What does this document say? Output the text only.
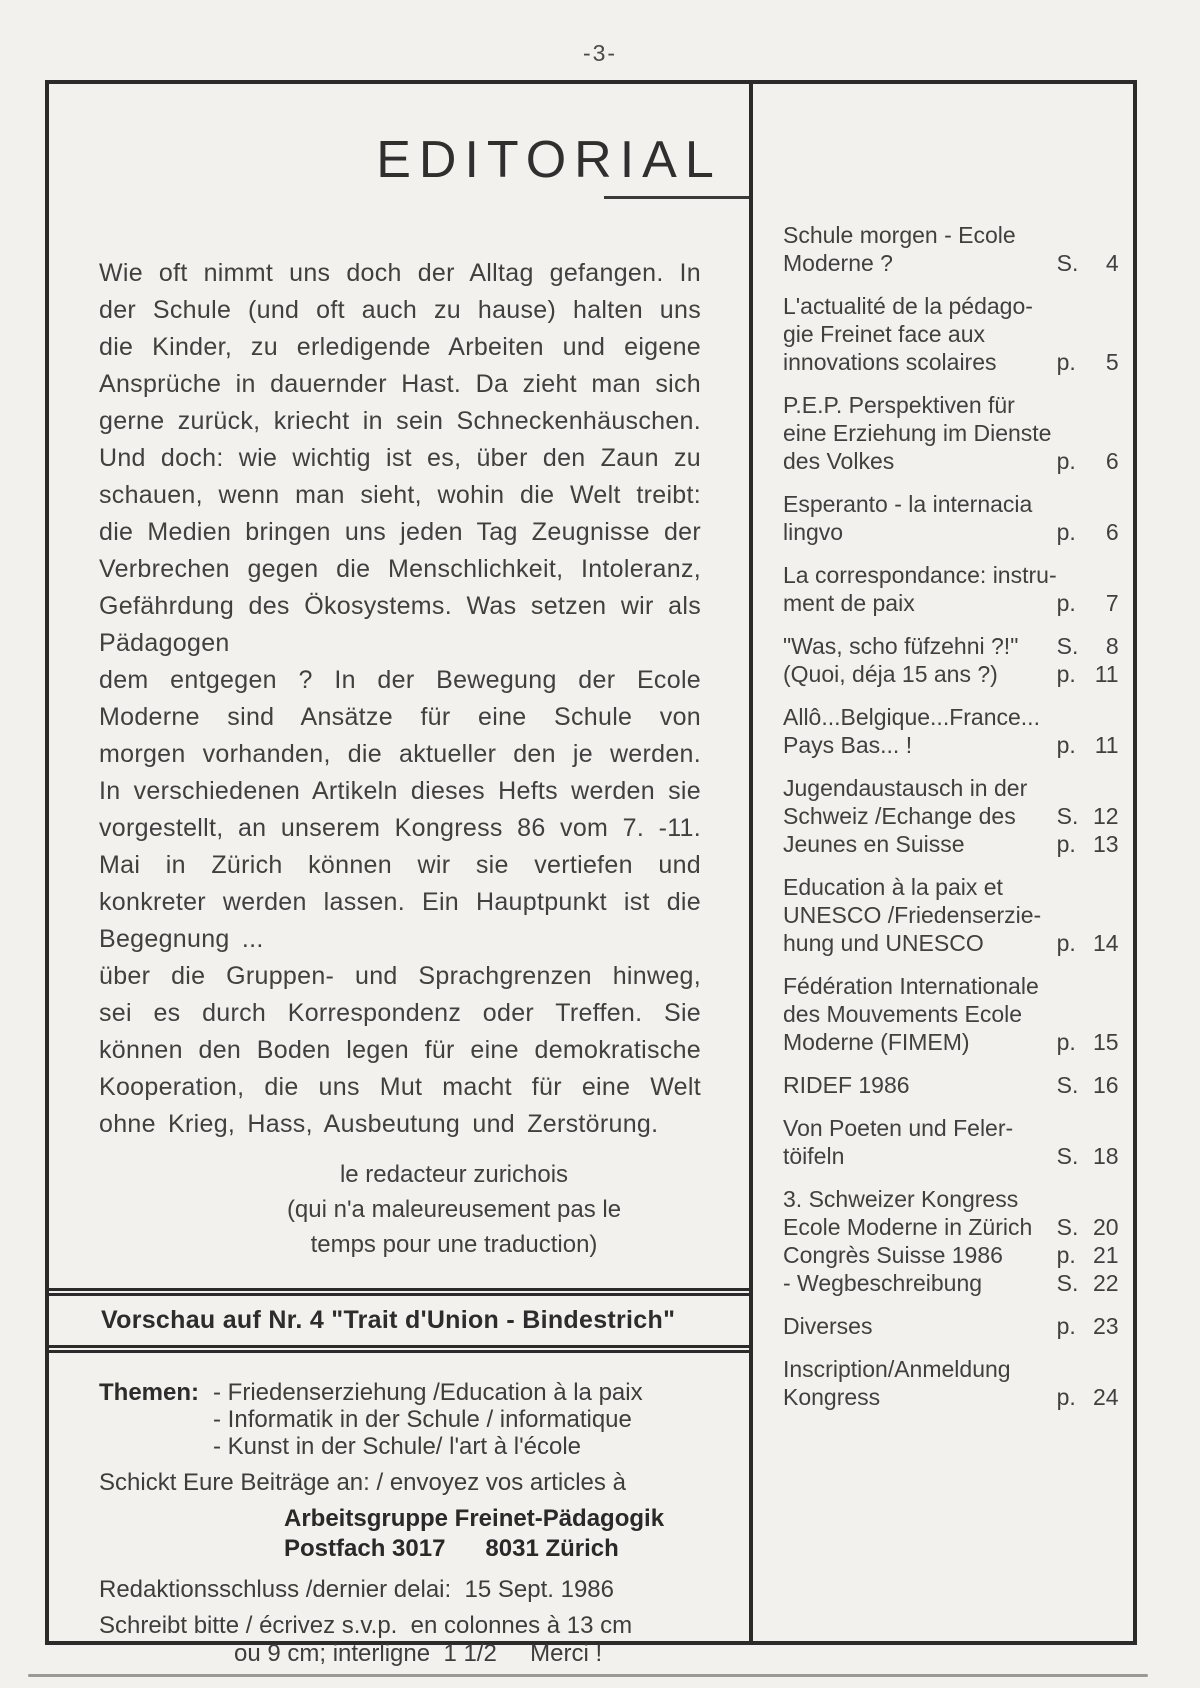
-3-
EDITORIAL

Wie oft nimmt uns doch der Alltag gefangen. In der Schule (und oft auch zu hause) halten uns die Kinder, zu erledigende Arbeiten und eigene Ansprüche in dauernder Hast. Da zieht man sich gerne zurück, kriecht in sein Schneckenhäuschen. Und doch: wie wichtig ist es, über den Zaun zu schauen, wenn man sieht, wohin die Welt treibt: die Medien bringen uns jeden Tag Zeugnisse der Verbrechen gegen die Menschlichkeit, Intoleranz, Gefährdung des Ökosystems. Was setzen wir als Pädagogen

dem entgegen ? In der Bewegung der Ecole Moderne sind Ansätze für eine Schule von morgen vorhanden, die aktueller den je werden. In verschiedenen Artikeln dieses Hefts werden sie vorgestellt, an unserem Kongress 86 vom 7. -11. Mai in Zürich können wir sie vertiefen und konkreter werden lassen. Ein Hauptpunkt ist die Begegnung ...

über die Gruppen- und Sprachgrenzen hinweg, sei es durch Korrespondenz oder Treffen. Sie können den Boden legen für eine demokratische Kooperation, die uns Mut macht für eine Welt ohne Krieg, Hass, Ausbeutung und Zerstörung.

le redacteur zurichois
(qui n'a maleureusement pas le
temps pour une traduction)
Vorschau auf Nr. 4 "Trait d'Union - Bindestrich"
Themen: - Friedenserziehung /Education à la paix
- Informatik in der Schule / informatique
- Kunst in der Schule/ l'art à l'école
Schickt Eure Beiträge an: / envoyez vos articles à
Arbeitsgruppe Freinet-Pädagogik
Postfach 3017      8031 Zürich
Redaktionsschluss /dernier delai:  15 Sept. 1986
Schreibt bitte / écrivez s.v.p.  en colonnes à 13 cm
ou 9 cm; interligne  1 1/2     Merci !
Schule morgen - Ecole
Moderne ?	S. 4
L'actualité de la pédago-
gie Freinet face aux
innovations scolaires	p. 5
P.E.P. Perspektiven für
eine Erziehung im Dienste
des Volkes	p. 6
Esperanto - la internacia
lingvo	p. 6
La correspondance: instru-
ment de paix	p. 7
"Was, scho füfzehni ?!"	S. 8
(Quoi, déja 15 ans ?)	p. 11
Allô...Belgique...France...
Pays Bas... !	p. 11
Jugendaustausch in der
Schweiz /Echange des	S. 12
Jeunes en Suisse	p. 13
Education à la paix et
UNESCO /Friedenserzie-
hung und UNESCO	p. 14
Fédération Internationale
des Mouvements Ecole
Moderne (FIMEM)	p. 15
RIDEF 1986	S. 16
Von Poeten und Feler-
töifeln	S. 18
3. Schweizer Kongress
Ecole Moderne in Zürich	S. 20
Congrès Suisse 1986	p. 21
- Wegbeschreibung	S. 22
Diverses	p. 23
Inscription/Anmeldung
Kongress	p. 24
